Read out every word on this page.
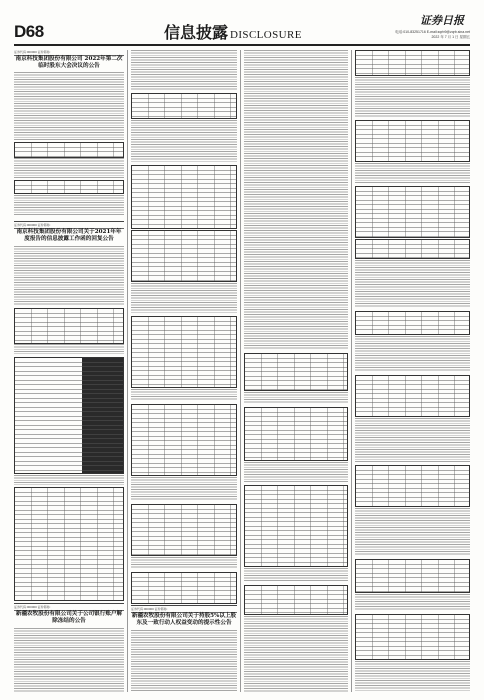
D68	信息披露 DISCLOSURE
证券日报
电话:010-83251716 E-mail:zqrb9@zqrb.sina.net
2022 年 7 月 1 日 星期五
证券代码:000000 证券简称:
南京科技集团股份有限公司 2022年第二次临时股东大会决议的公告
证券代码:000000 证券简称:
南京科技集团股份有限公司关于2021年年度报告的信息披露工作函的回复公告
证券代码:000000 证券简称:
新疆农牧股份有限公司关于公司银行账户解除冻结的公告
证券代码:000000 证券简称:
新疆农牧股份有限公司关于持股5%以上股东及一致行动人权益变动的提示性公告
